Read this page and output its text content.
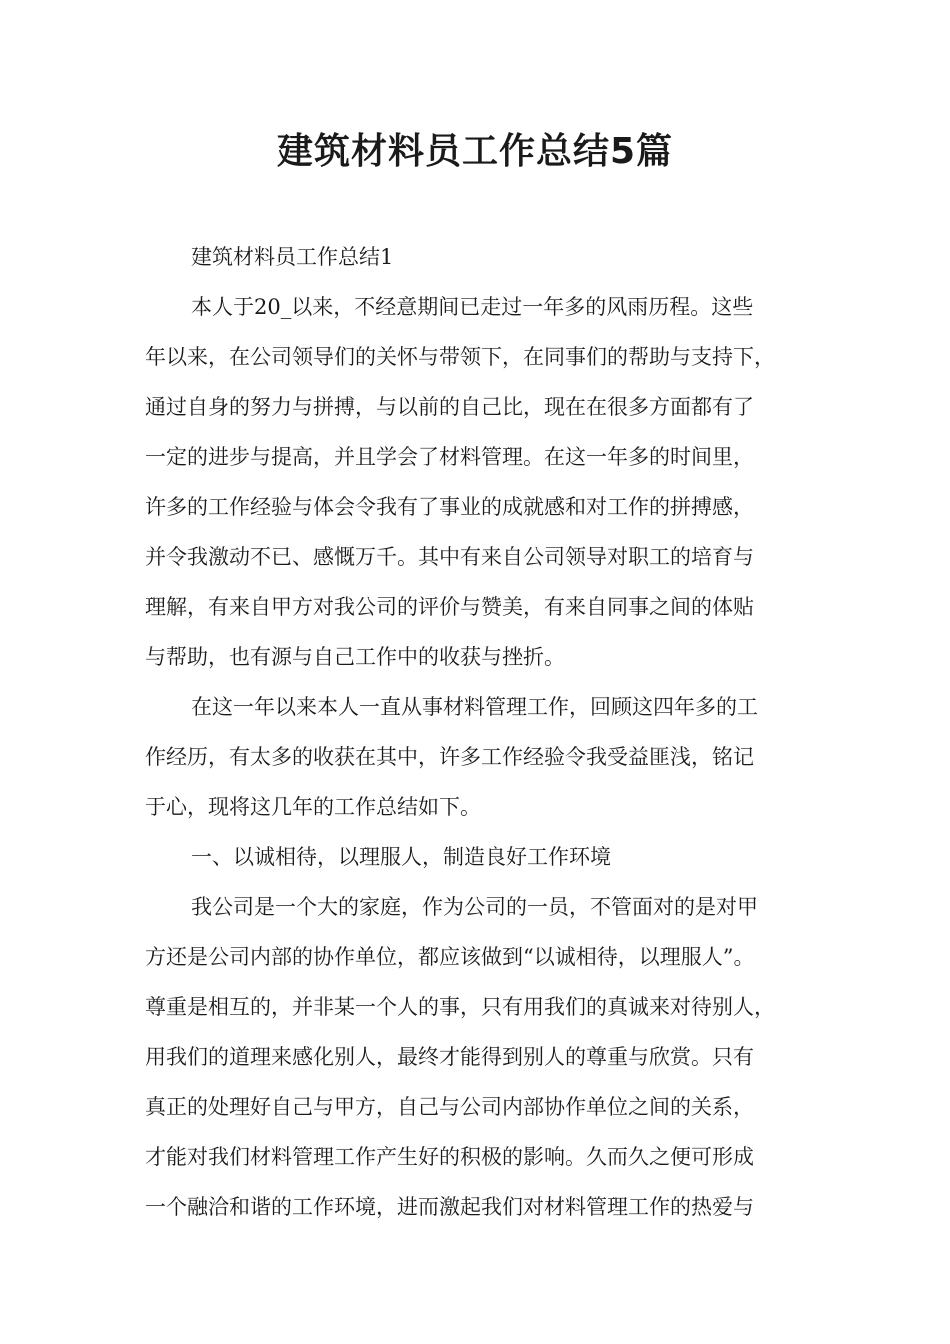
建筑材料员工作总结5篇
建筑材料员工作总结1
本人于20_以来，不经意期间已走过一年多的风雨历程。这些
年以来，在公司领导们的关怀与带领下，在同事们的帮助与支持下，
通过自身的努力与拼搏，与以前的自己比，现在在很多方面都有了
一定的进步与提高，并且学会了材料管理。在这一年多的时间里，
许多的工作经验与体会令我有了事业的成就感和对工作的拼搏感，
并令我激动不已、感慨万千。其中有来自公司领导对职工的培育与
理解，有来自甲方对我公司的评价与赞美，有来自同事之间的体贴
与帮助，也有源与自己工作中的收获与挫折。
在这一年以来本人一直从事材料管理工作，回顾这四年多的工
作经历，有太多的收获在其中，许多工作经验令我受益匪浅，铭记
于心，现将这几年的工作总结如下。
一、以诚相待，以理服人，制造良好工作环境
我公司是一个大的家庭，作为公司的一员，不管面对的是对甲
方还是公司内部的协作单位，都应该做到“以诚相待，以理服人”。
尊重是相互的，并非某一个人的事，只有用我们的真诚来对待别人，
用我们的道理来感化别人，最终才能得到别人的尊重与欣赏。只有
真正的处理好自己与甲方，自己与公司内部协作单位之间的关系，
才能对我们材料管理工作产生好的积极的影响。久而久之便可形成
一个融洽和谐的工作环境，进而激起我们对材料管理工作的热爱与
